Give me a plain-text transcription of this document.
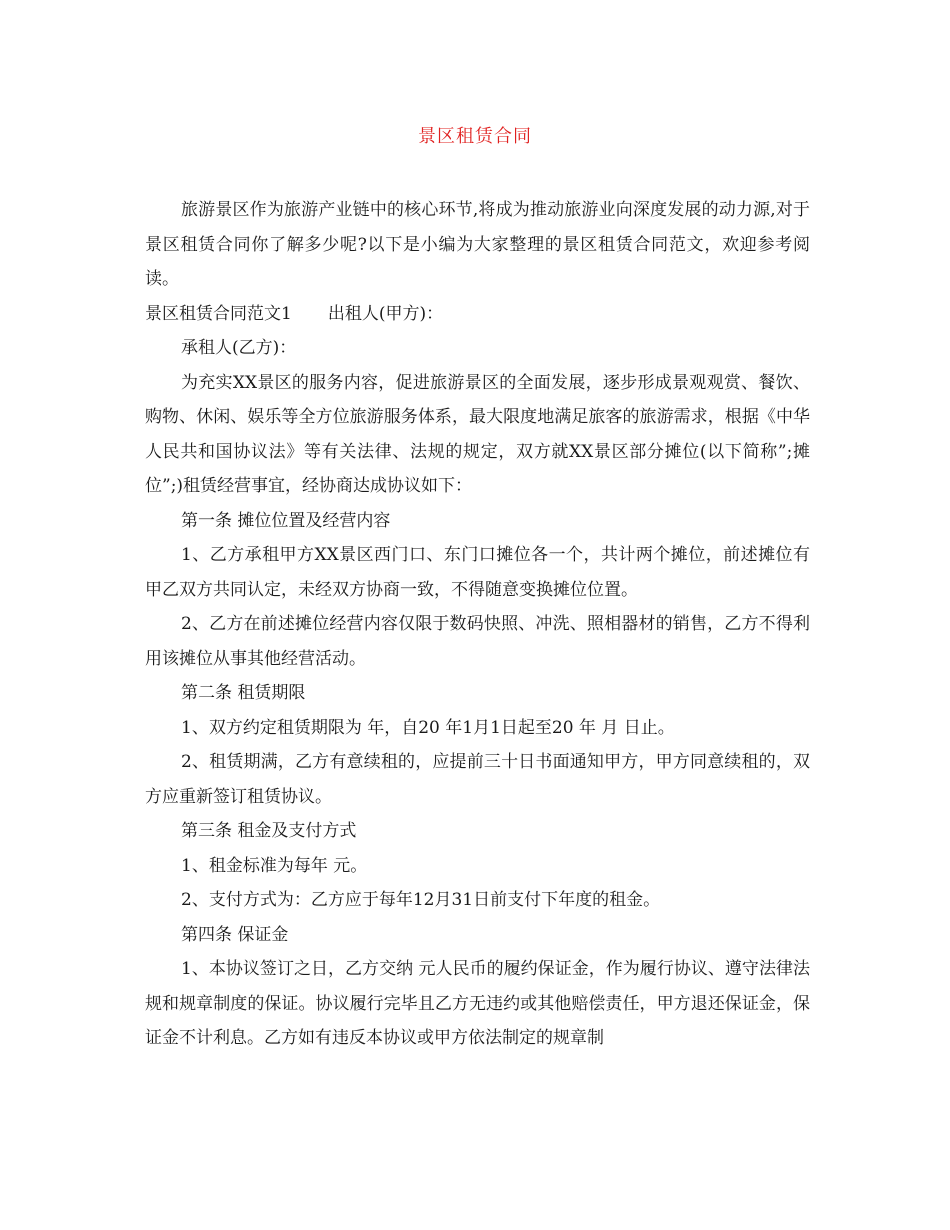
景区租赁合同

旅游景区作为旅游产业链中的核心环节,将成为推动旅游业向深度发展的动力源,对于景区租赁合同你了解多少呢?以下是小编为大家整理的景区租赁合同范文，欢迎参考阅读。

景区租赁合同范文1 出租人(甲方)：

承租人(乙方)：

为充实XX景区的服务内容，促进旅游景区的全面发展，逐步形成景观观赏、餐饮、购物、休闲、娱乐等全方位旅游服务体系，最大限度地满足旅客的旅游需求，根据《中华人民共和国协议法》等有关法律、法规的规定，双方就XX景区部分摊位(以下简称”;摊位”;)租赁经营事宜，经协商达成协议如下：

第一条 摊位位置及经营内容

1、乙方承租甲方XX景区西门口、东门口摊位各一个，共计两个摊位，前述摊位有甲乙双方共同认定，未经双方协商一致，不得随意变换摊位位置。

2、乙方在前述摊位经营内容仅限于数码快照、冲洗、照相器材的销售，乙方不得利用该摊位从事其他经营活动。

第二条 租赁期限

1、双方约定租赁期限为 年，自20 年1月1日起至20 年 月 日止。

2、租赁期满，乙方有意续租的，应提前三十日书面通知甲方，甲方同意续租的，双方应重新签订租赁协议。

第三条 租金及支付方式

1、租金标准为每年 元。

2、支付方式为：乙方应于每年12月31日前支付下年度的租金。

第四条 保证金

1、本协议签订之日，乙方交纳 元人民币的履约保证金，作为履行协议、遵守法律法规和规章制度的保证。协议履行完毕且乙方无违约或其他赔偿责任，甲方退还保证金，保证金不计利息。乙方如有违反本协议或甲方依法制定的规章制
